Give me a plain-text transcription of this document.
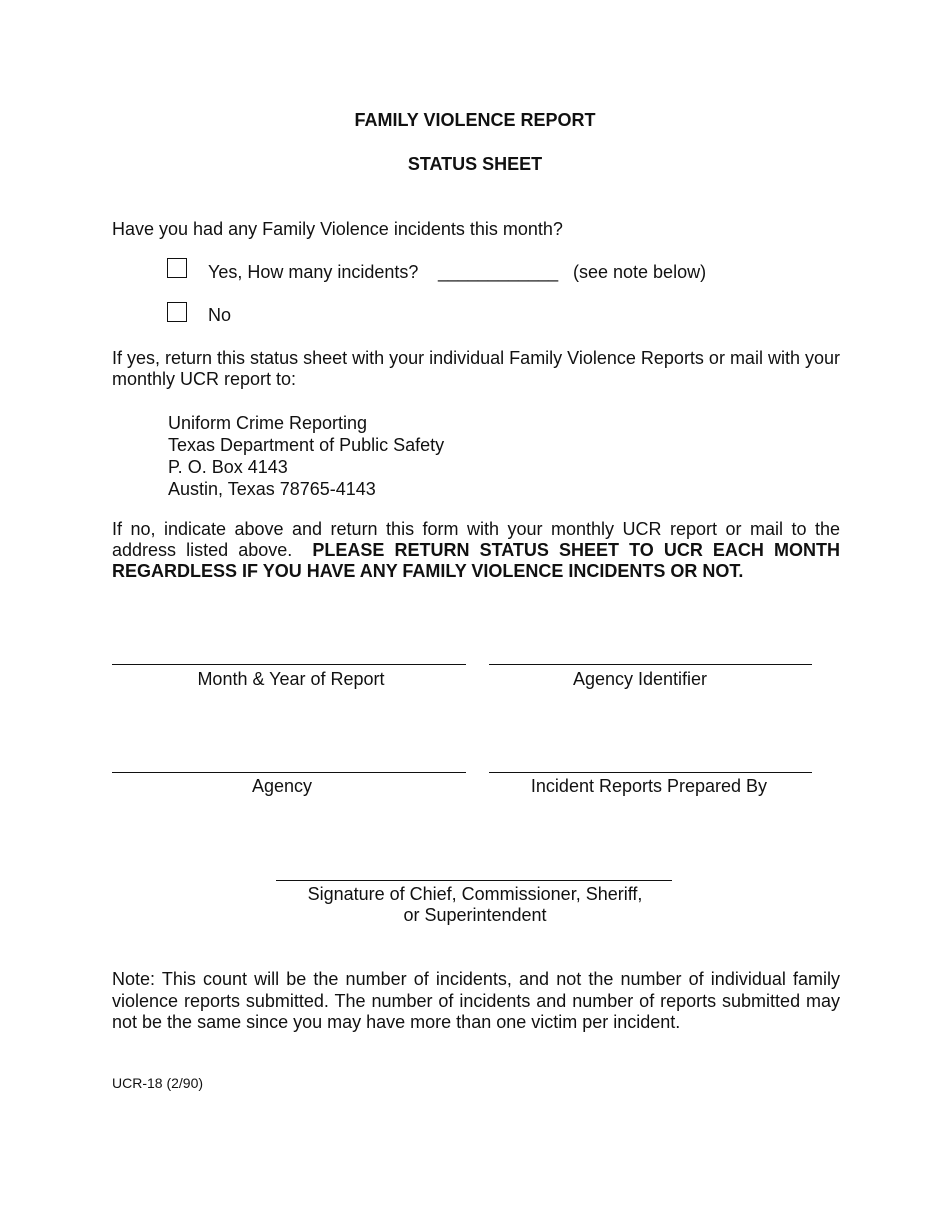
FAMILY VIOLENCE REPORT
STATUS SHEET
Have you had any Family Violence incidents this month?
Yes, How many incidents? ____________ (see note below)
No
If yes, return this status sheet with your individual Family Violence Reports or mail with your monthly UCR report to:
Uniform Crime Reporting
Texas Department of Public Safety
P. O. Box 4143
Austin, Texas 78765-4143
If no, indicate above and return this form with your monthly UCR report or mail to the address listed above. PLEASE RETURN STATUS SHEET TO UCR EACH MONTH REGARDLESS IF YOU HAVE ANY FAMILY VIOLENCE INCIDENTS OR NOT.
Month & Year of Report	Agency Identifier
Agency	Incident Reports Prepared By
Signature of Chief, Commissioner, Sheriff,
or Superintendent
Note: This count will be the number of incidents, and not the number of individual family violence reports submitted. The number of incidents and number of reports submitted may not be the same since you may have more than one victim per incident.
UCR-18 (2/90)
